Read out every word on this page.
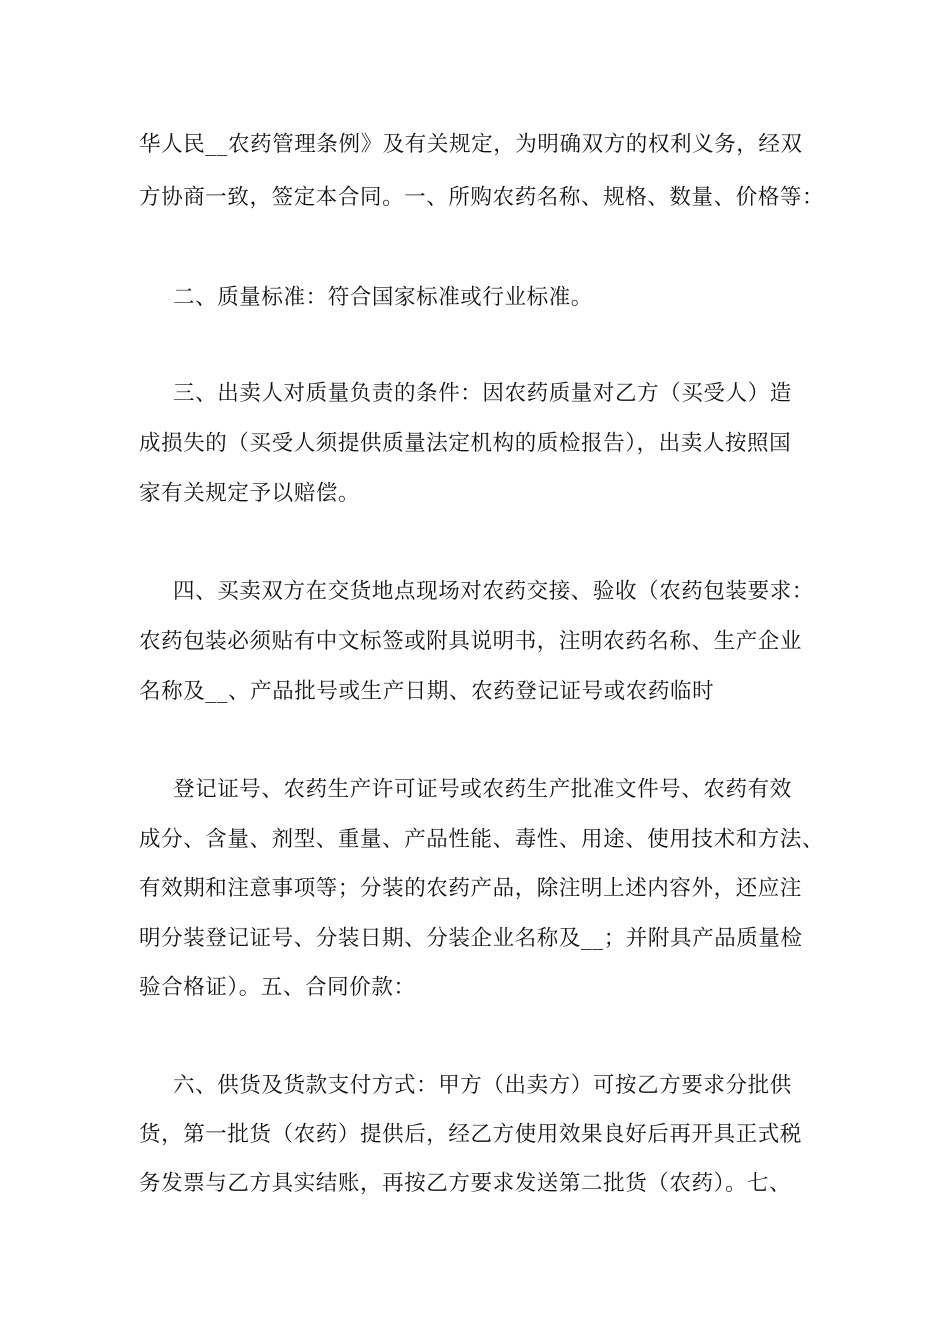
华人民__农药管理条例》及有关规定，为明确双方的权利义务，经双
方协商一致，签定本合同。一、所购农药名称、规格、数量、价格等：
二、质量标准：符合国家标准或行业标准。
三、出卖人对质量负责的条件：因农药质量对乙方（买受人）造
成损失的（买受人须提供质量法定机构的质检报告），出卖人按照国
家有关规定予以赔偿。
四、买卖双方在交货地点现场对农药交接、验收（农药包装要求：
农药包装必须贴有中文标签或附具说明书，注明农药名称、生产企业
名称及__、产品批号或生产日期、农药登记证号或农药临时
登记证号、农药生产许可证号或农药生产批准文件号、农药有效
成分、含量、剂型、重量、产品性能、毒性、用途、使用技术和方法、
有效期和注意事项等；分装的农药产品，除注明上述内容外，还应注
明分装登记证号、分装日期、分装企业名称及__；并附具产品质量检
验合格证）。五、合同价款：
六、供货及货款支付方式：甲方（出卖方）可按乙方要求分批供
货，第一批货（农药）提供后，经乙方使用效果良好后再开具正式税
务发票与乙方具实结账，再按乙方要求发送第二批货（农药）。七、
